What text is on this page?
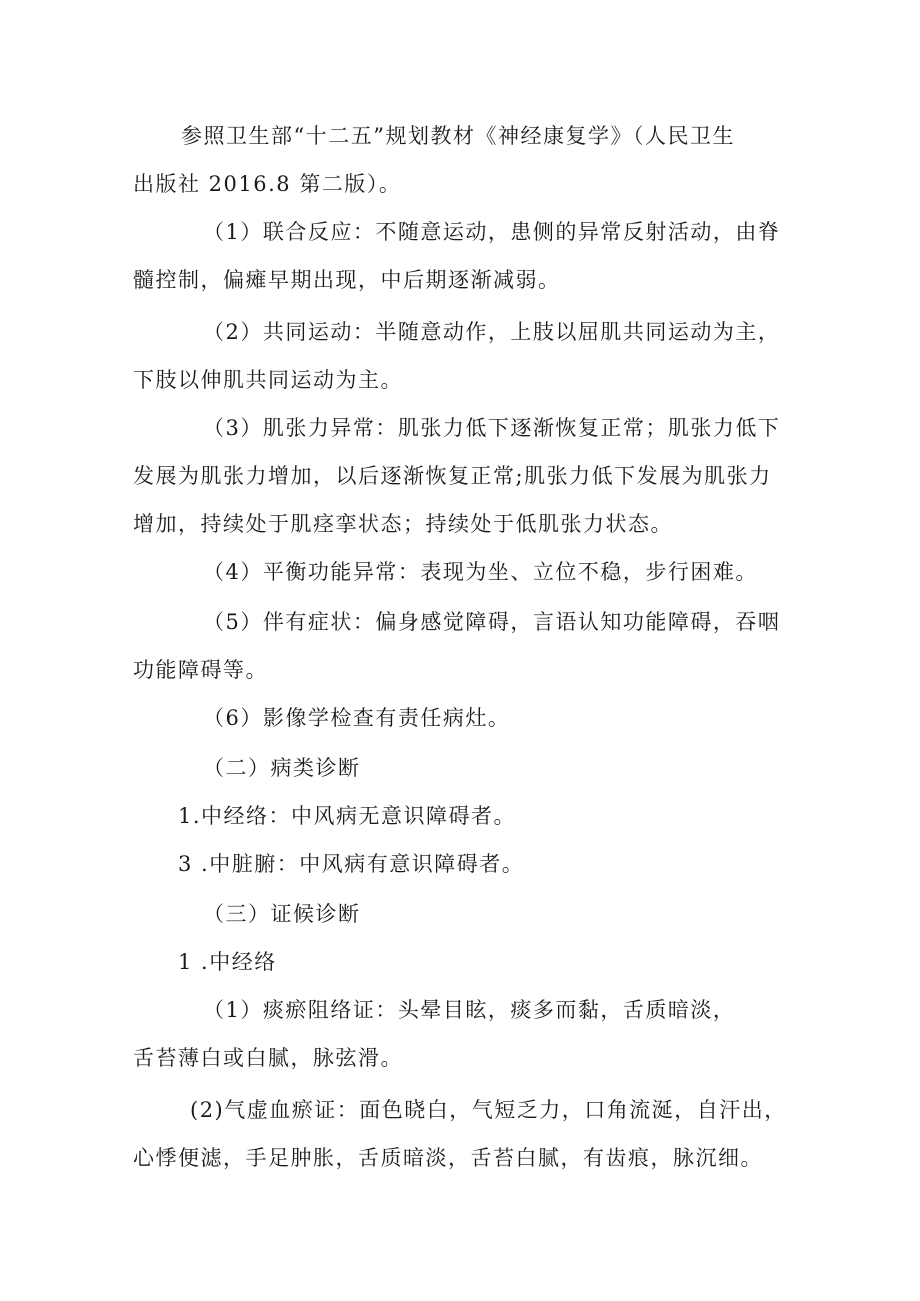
参照卫生部“十二五”规划教材《神经康复学》（人民卫生
出版社 2016.8 第二版）。
（1）联合反应：不随意运动，患侧的异常反射活动，由脊
髓控制，偏瘫早期出现，中后期逐渐减弱。
（2）共同运动：半随意动作，上肢以屈肌共同运动为主，
下肢以伸肌共同运动为主。
（3）肌张力异常：肌张力低下逐渐恢复正常；肌张力低下
发展为肌张力增加，以后逐渐恢复正常;肌张力低下发展为肌张力
增加，持续处于肌痉挛状态；持续处于低肌张力状态。
（4）平衡功能异常：表现为坐、立位不稳，步行困难。
（5）伴有症状：偏身感觉障碍，言语认知功能障碍，吞咽
功能障碍等。
（6）影像学检查有责任病灶。
（二）病类诊断
1.中经络：中风病无意识障碍者。
3 .中脏腑：中风病有意识障碍者。
（三）证候诊断
1 .中经络
（1）痰瘀阻络证：头晕目眩，痰多而黏，舌质暗淡，
舌苔薄白或白腻，脉弦滑。
(2)气虚血瘀证：面色晓白，气短乏力，口角流涎，自汗出，
心悸便滤，手足肿胀，舌质暗淡，舌苔白腻，有齿痕，脉沉细。
